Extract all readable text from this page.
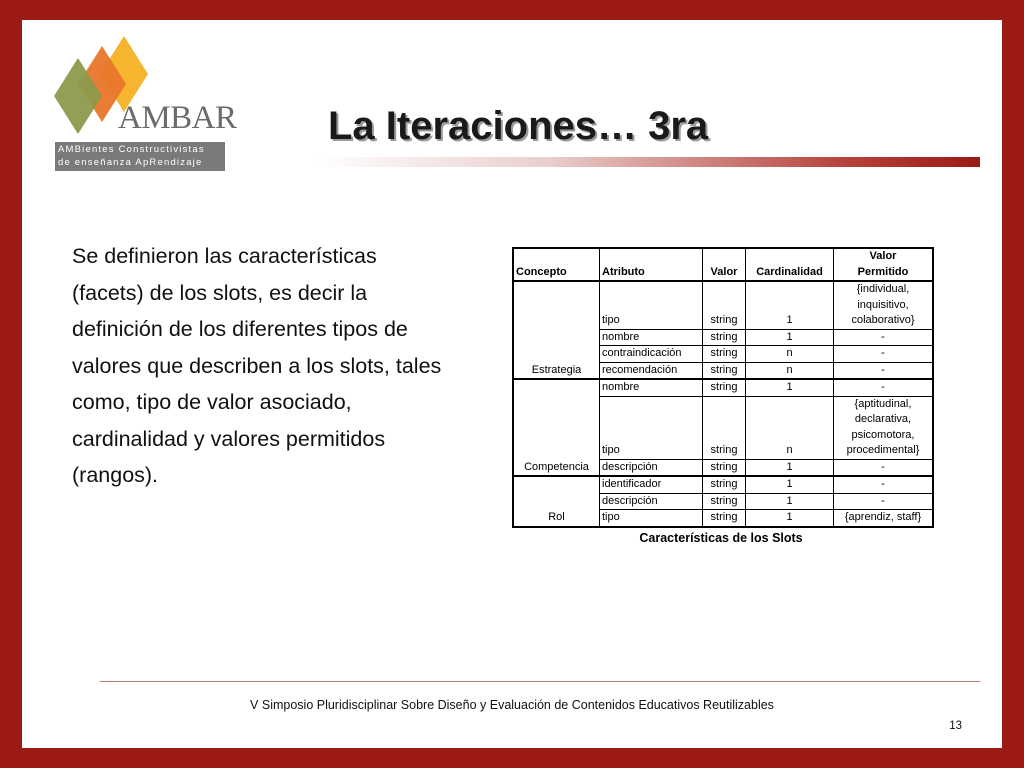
AMBAR
AMBientes Constructivistas
de enseñanza ApRendizaje
La Iteraciones… 3ra
Se definieron las características (facets) de los slots, es decir la definición de los diferentes tipos de valores que describen a los slots, tales como, tipo de valor asociado, cardinalidad y valores permitidos (rangos).
Concepto	Atributo	Valor	Cardinalidad	Valor
Permitido

Estrategia	tipo	string	1	{individual,
inquisitivo,
colaborativo}

	nombre	string	1	-

	contraindicación	string	n	-

	recomendación	string	n	-

Competencia	nombre	string	1	-

	tipo	string	n	{aptitudinal,
declarativa,
psicomotora,
procedimental}

	descripción	string	1	-

Rol	identificador	string	1	-

	descripción	string	1	-

	tipo	string	1	{aprendiz, staff}
Características de los Slots
V Simposio Pluridisciplinar Sobre Diseño y Evaluación de Contenidos Educativos Reutilizables
13
